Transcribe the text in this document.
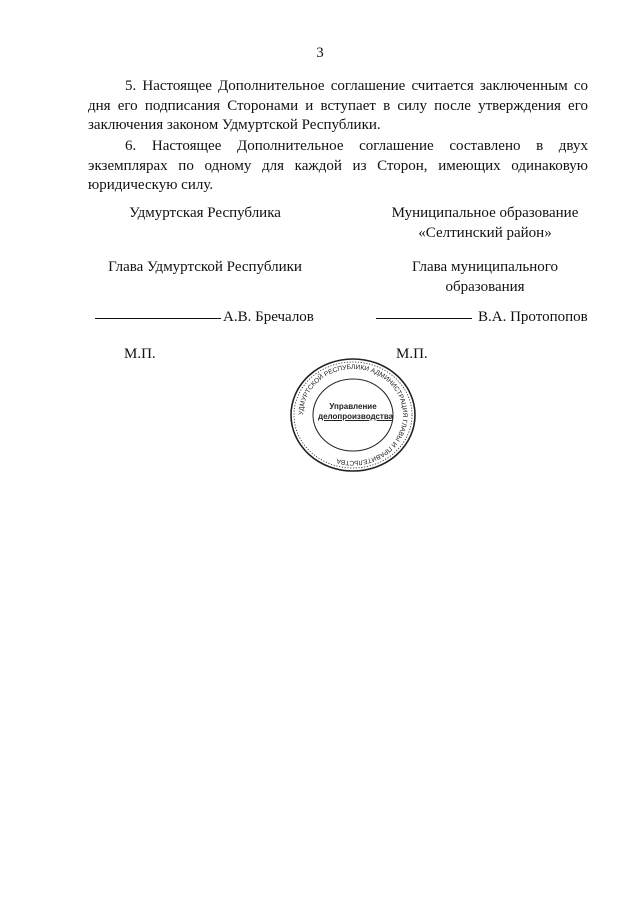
3

5. Настоящее Дополнительное соглашение считается заключенным со дня его подписания Сторонами и вступает в силу после утверждения его заключения законом Удмуртской Республики.

6. Настоящее Дополнительное соглашение составлено в двух экземплярах по одному для каждой из Сторон, имеющих одинаковую юридическую силу.

Удмуртская Республика
Глава Удмуртской Республики
Муниципальное образование
«Селтинский район»
Глава муниципального
образования
А.В. Бречалов	В.А. Протопопов
М.П.	М.П.
УДМУРТСКОЙ РЕСПУБЛИКИ АДМИНИСТРАЦИЯ ГЛАВЫ И ПРАВИТЕЛЬСТВА
Управление
делопроизводства
